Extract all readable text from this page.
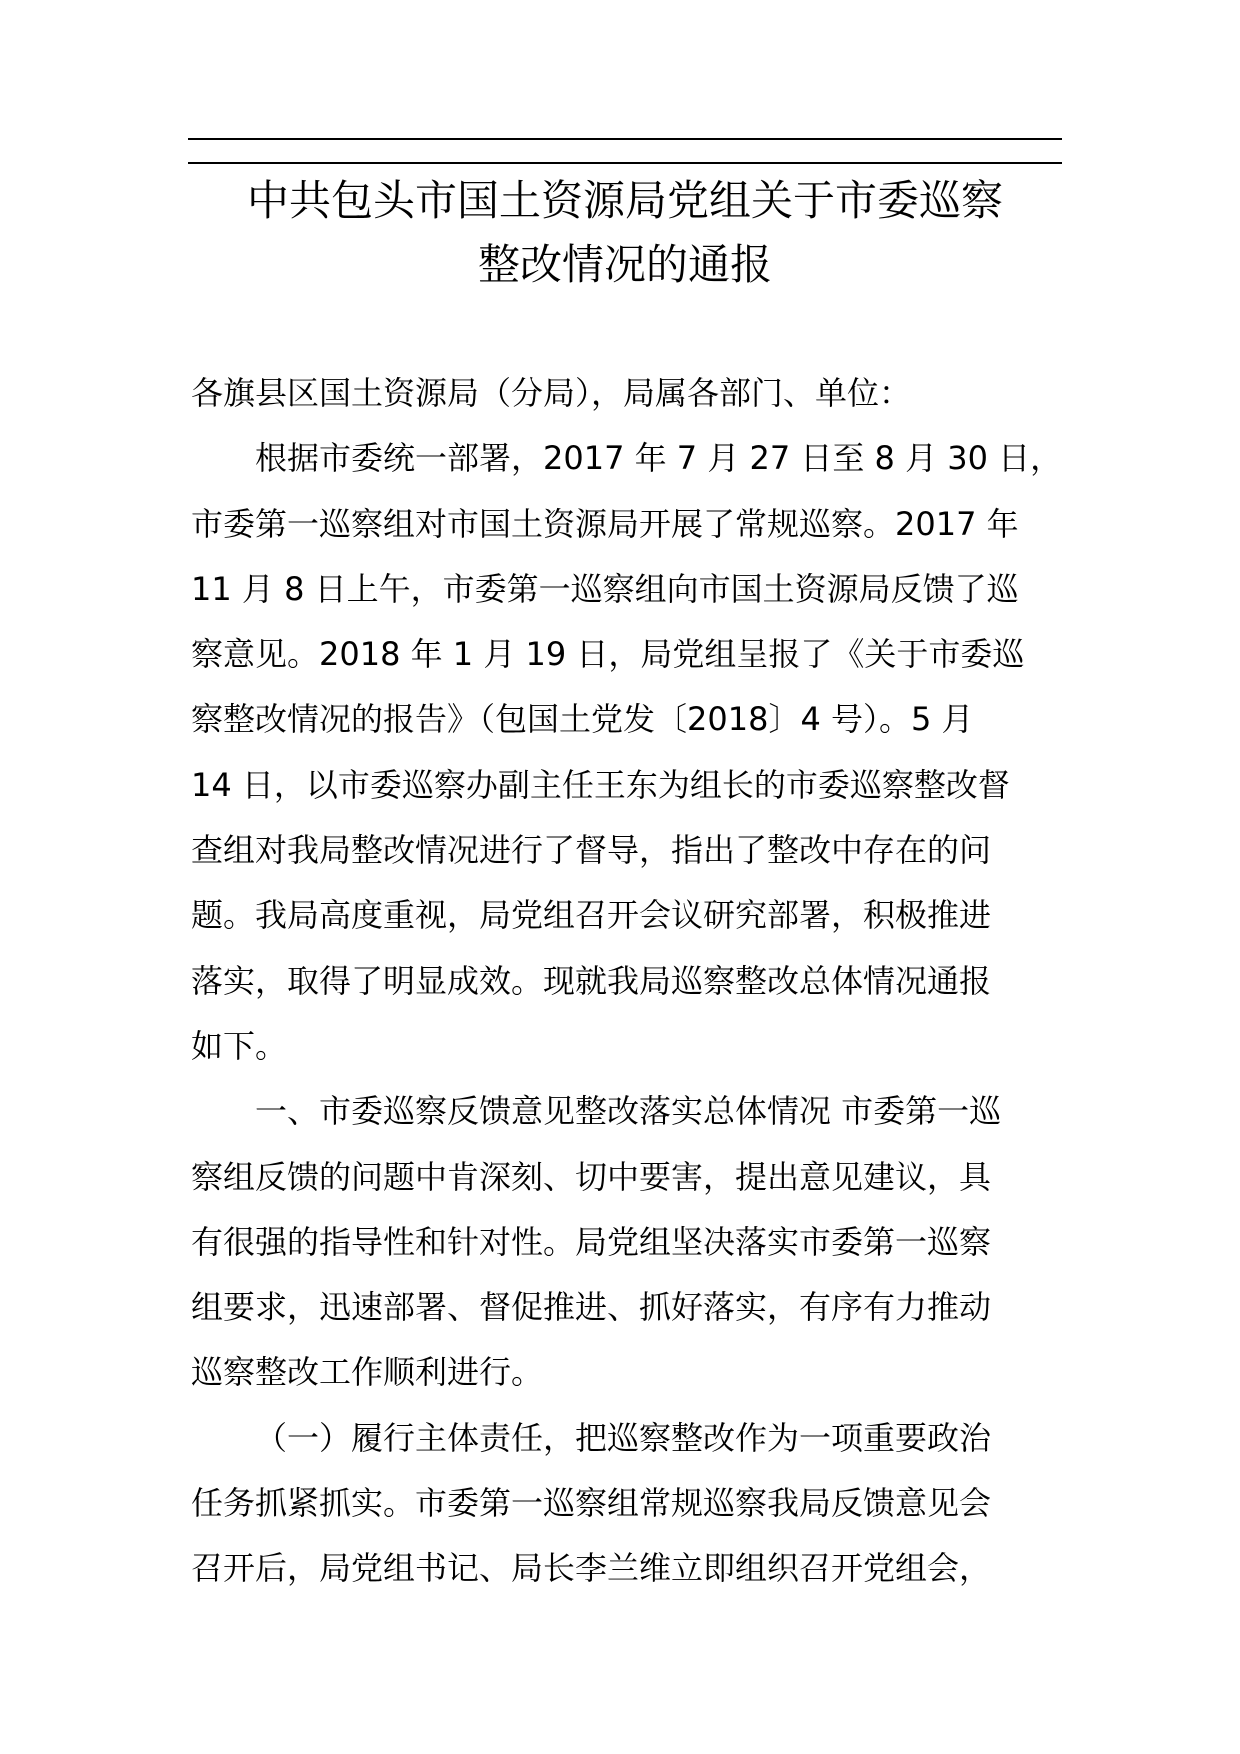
中共包头市国土资源局党组关于市委巡察
整改情况的通报
各旗县区国土资源局（分局），局属各部门、单位：
根据市委统一部署，2017 年 7 月 27 日至 8 月 30 日，
市委第一巡察组对市国土资源局开展了常规巡察。2017 年
11 月 8 日上午，市委第一巡察组向市国土资源局反馈了巡
察意见。2018 年 1 月 19 日，局党组呈报了《关于市委巡
察整改情况的报告》（包国土党发〔2018〕4 号）。5 月
14 日，以市委巡察办副主任王东为组长的市委巡察整改督
查组对我局整改情况进行了督导，指出了整改中存在的问
题。我局高度重视，局党组召开会议研究部署，积极推进
落实，取得了明显成效。现就我局巡察整改总体情况通报
如下。
一、市委巡察反馈意见整改落实总体情况 市委第一巡
察组反馈的问题中肯深刻、切中要害，提出意见建议，具
有很强的指导性和针对性。局党组坚决落实市委第一巡察
组要求，迅速部署、督促推进、抓好落实，有序有力推动
巡察整改工作顺利进行。
（一）履行主体责任，把巡察整改作为一项重要政治
任务抓紧抓实。市委第一巡察组常规巡察我局反馈意见会
召开后，局党组书记、局长李兰维立即组织召开党组会，
